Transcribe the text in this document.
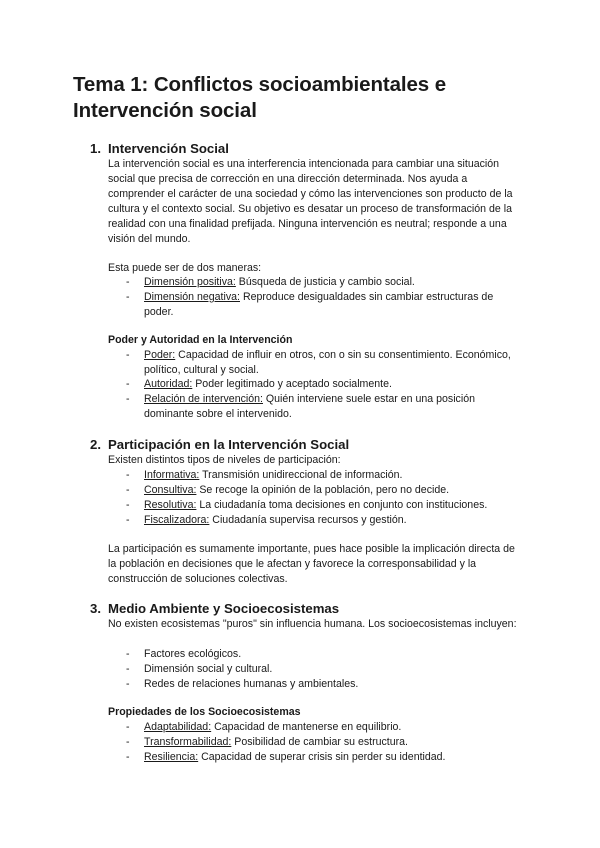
Tema 1: Conflictos socioambientales e Intervención social
1. Intervención Social
La intervención social es una interferencia intencionada para cambiar una situación social que precisa de corrección en una dirección determinada. Nos ayuda a comprender el carácter de una sociedad y cómo las intervenciones son producto de la cultura y el contexto social. Su objetivo es desatar un proceso de transformación de la realidad con una finalidad prefijada. Ninguna intervención es neutral; responde a una visión del mundo.
Esta puede ser de dos maneras:
- Dimensión positiva: Búsqueda de justicia y cambio social.
- Dimensión negativa: Reproduce desigualdades sin cambiar estructuras de poder.
Poder y Autoridad en la Intervención
- Poder: Capacidad de influir en otros, con o sin su consentimiento. Económico, político, cultural y social.
- Autoridad: Poder legitimado y aceptado socialmente.
- Relación de intervención: Quién interviene suele estar en una posición dominante sobre el intervenido.
2. Participación en la Intervención Social
Existen distintos tipos de niveles de participación:
- Informativa: Transmisión unidireccional de información.
- Consultiva: Se recoge la opinión de la población, pero no decide.
- Resolutiva: La ciudadanía toma decisiones en conjunto con instituciones.
- Fiscalizadora: Ciudadanía supervisa recursos y gestión.
La participación es sumamente importante, pues hace posible la implicación directa de la población en decisiones que le afectan y favorece la corresponsabilidad y la construcción de soluciones colectivas.
3. Medio Ambiente y Socioecosistemas
No existen ecosistemas "puros" sin influencia humana. Los socioecosistemas incluyen:
- Factores ecológicos.
- Dimensión social y cultural.
- Redes de relaciones humanas y ambientales.
Propiedades de los Socioecosistemas
- Adaptabilidad: Capacidad de mantenerse en equilibrio.
- Transformabilidad: Posibilidad de cambiar su estructura.
- Resiliencia: Capacidad de superar crisis sin perder su identidad.
